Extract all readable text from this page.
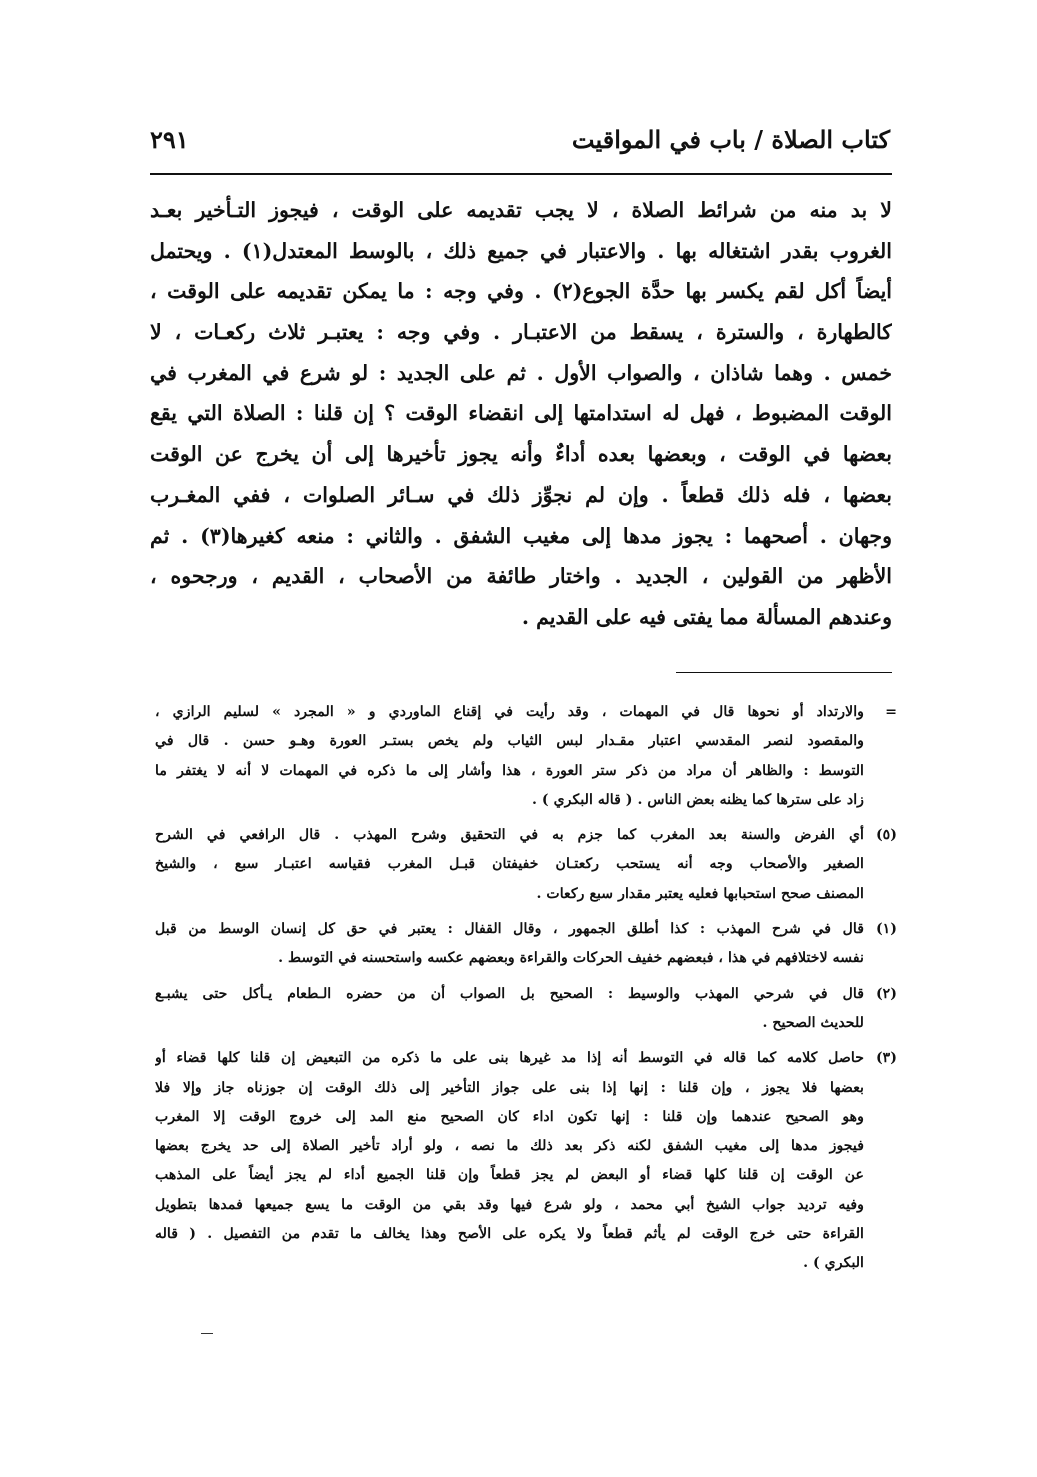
كتاب الصلاة / باب في المواقيت
٢٩١
لا بد منه من شرائط الصلاة ، لا يجب تقديمه على الوقت ، فيجوز التـأخير بعـد
الغروب بقدر اشتغاله بها . والاعتبار في جميع ذلك ، بالوسط المعتدل(١) . ويحتمل
أيضاً أكل لقم يكسر بها حدَّة الجوع(٢) . وفي وجه : ما يمكن تقديمه على الوقت ،
كالطهارة ، والسترة ، يسقط من الاعتبـار . وفي وجه : يعتبـر ثلاث ركعـات ، لا
خمس . وهما شاذان ، والصواب الأول . ثم على الجديد : لو شرع في المغرب في
الوقت المضبوط ، فهل له استدامتها إلى انقضاء الوقت ؟ إن قلنا : الصلاة التي يقع
بعضها في الوقت ، وبعضها بعده أداءٌ وأنه يجوز تأخيرها إلى أن يخرج عن الوقت
بعضها ، فله ذلك قطعاً . وإن لم نجوِّز ذلك في سـائر الصلوات ، ففي المغـرب
وجهان . أصحهما : يجوز مدها إلى مغيب الشفق . والثاني : منعه كغيرها(٣) . ثم
الأظهر من القولين ، الجديد . واختار طائفة من الأصحاب ، القديم ، ورجحوه ،
وعندهم المسألة مما يفتى فيه على القديم .
=
والارتداد أو نحوها قال في المهمات ، وقد رأيت في إقناع الماوردي و « المجرد » لسليم الرازي ،
والمقصود لنصر المقدسي اعتبار مقـدار لبس الثياب ولم يخص بستـر العورة وهـو حسن . قال في
التوسط : والظاهر أن مراد من ذكر ستر العورة ، هذا وأشار إلى ما ذكره في المهمات لا أنه لا يغتفر ما
زاد على سترها كما يظنه بعض الناس . ( قاله البكري ) .
(٥)
أي الفرض والسنة بعد المغرب كما جزم به في التحقيق وشرح المهذب . قال الرافعي في الشرح
الصغير والأصحاب وجه أنه يستحب ركعتـان خفيفتان قبـل المغرب فقياسه اعتبـار سبع ، والشيخ
المصنف صحح استحبابها فعليه يعتبر مقدار سبع ركعات .
(١)
قال في شرح المهذب : كذا أطلق الجمهور ، وقال القفال : يعتبر في حق كل إنسان الوسط من قبل
نفسه لاختلافهم في هذا ، فبعضهم خفيف الحركات والقراءة وبعضهم عكسه واستحسنه في التوسط .
(٢)
قال في شرحي المهذب والوسيط : الصحيح بل الصواب أن من حضره الـطعام يـأكل حتى يشبـع
للحديث الصحيح .
(٣)
حاصل كلامه كما قاله في التوسط أنه إذا مد غيرها بنى على ما ذكره من التبعيض إن قلنا كلها قضاء أو
بعضها فلا يجوز ، وإن قلنا : إنها إذا بنى على جواز التأخير إلى ذلك الوقت إن جوزناه جاز وإلا فلا
وهو الصحيح عندهما وإن قلنا : إنها تكون اداء كان الصحيح منع المد إلى خروج الوقت إلا المغرب
فيجوز مدها إلى مغيب الشفق لكنه ذكر بعد ذلك ما نصه ، ولو أراد تأخير الصلاة إلى حد يخرج بعضها
عن الوقت إن قلنا كلها قضاء أو البعض لم يجز قطعاً وإن قلنا الجميع أداء لم يجز أيضاً على المذهب
وفيه ترديد جواب الشيخ أبي محمد ، ولو شرع فيها وقد بقي من الوقت ما يسع جميعها فمدها بتطويل
القراءة حتى خرج الوقت لم يأثم قطعاً ولا يكره على الأصح وهذا يخالف ما تقدم من التفصيل . ( قاله
البكري ) .
